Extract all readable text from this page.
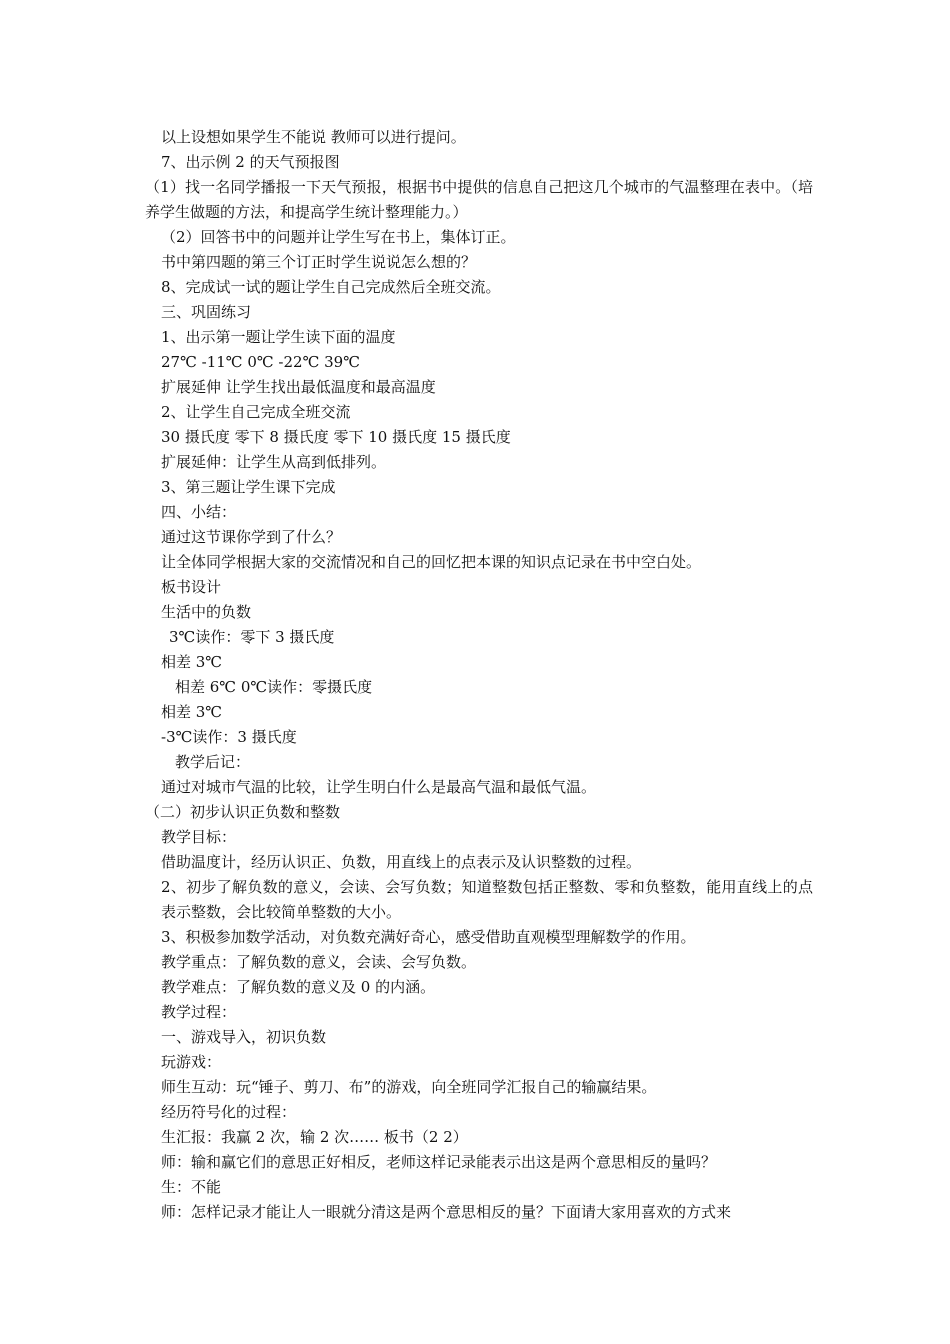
以上设想如果学生不能说 教师可以进行提问。

7、出示例 2 的天气预报图

（1）找一名同学播报一下天气预报，根据书中提供的信息自己把这几个城市的气温整理在表中。（培养学生做题的方法，和提高学生统计整理能力。）

（2）回答书中的问题并让学生写在书上，集体订正。

书中第四题的第三个订正时学生说说怎么想的？

8、完成试一试的题让学生自己完成然后全班交流。

三、巩固练习

1、出示第一题让学生读下面的温度

27℃ -11℃ 0℃ -22℃ 39℃

扩展延伸 让学生找出最低温度和最高温度

2、让学生自己完成全班交流

30 摄氏度 零下 8 摄氏度 零下 10 摄氏度 15 摄氏度

扩展延伸：让学生从高到低排列。

3、第三题让学生课下完成

四、小结：

通过这节课你学到了什么？

让全体同学根据大家的交流情况和自己的回忆把本课的知识点记录在书中空白处。

板书设计

生活中的负数

3℃读作：零下 3 摄氏度

相差 3℃

相差 6℃ 0℃读作：零摄氏度

相差 3℃

-3℃读作：3 摄氏度

教学后记：

通过对城市气温的比较，让学生明白什么是最高气温和最低气温。

（二）初步认识正负数和整数

教学目标：

借助温度计，经历认识正、负数，用直线上的点表示及认识整数的过程。

2、初步了解负数的意义，会读、会写负数；知道整数包括正整数、零和负整数，能用直线上的点表示整数，会比较简单整数的大小。

3、积极参加数学活动，对负数充满好奇心，感受借助直观模型理解数学的作用。

教学重点：了解负数的意义，会读、会写负数。

教学难点：了解负数的意义及 0 的内涵。

教学过程：

一、游戏导入，初识负数

玩游戏：

师生互动：玩“锤子、剪刀、布”的游戏，向全班同学汇报自己的输赢结果。

经历符号化的过程：

生汇报：我赢 2 次，输 2 次…… 板书（2 2）

师：输和赢它们的意思正好相反，老师这样记录能表示出这是两个意思相反的量吗？

生：不能

师：怎样记录才能让人一眼就分清这是两个意思相反的量？下面请大家用喜欢的方式来
